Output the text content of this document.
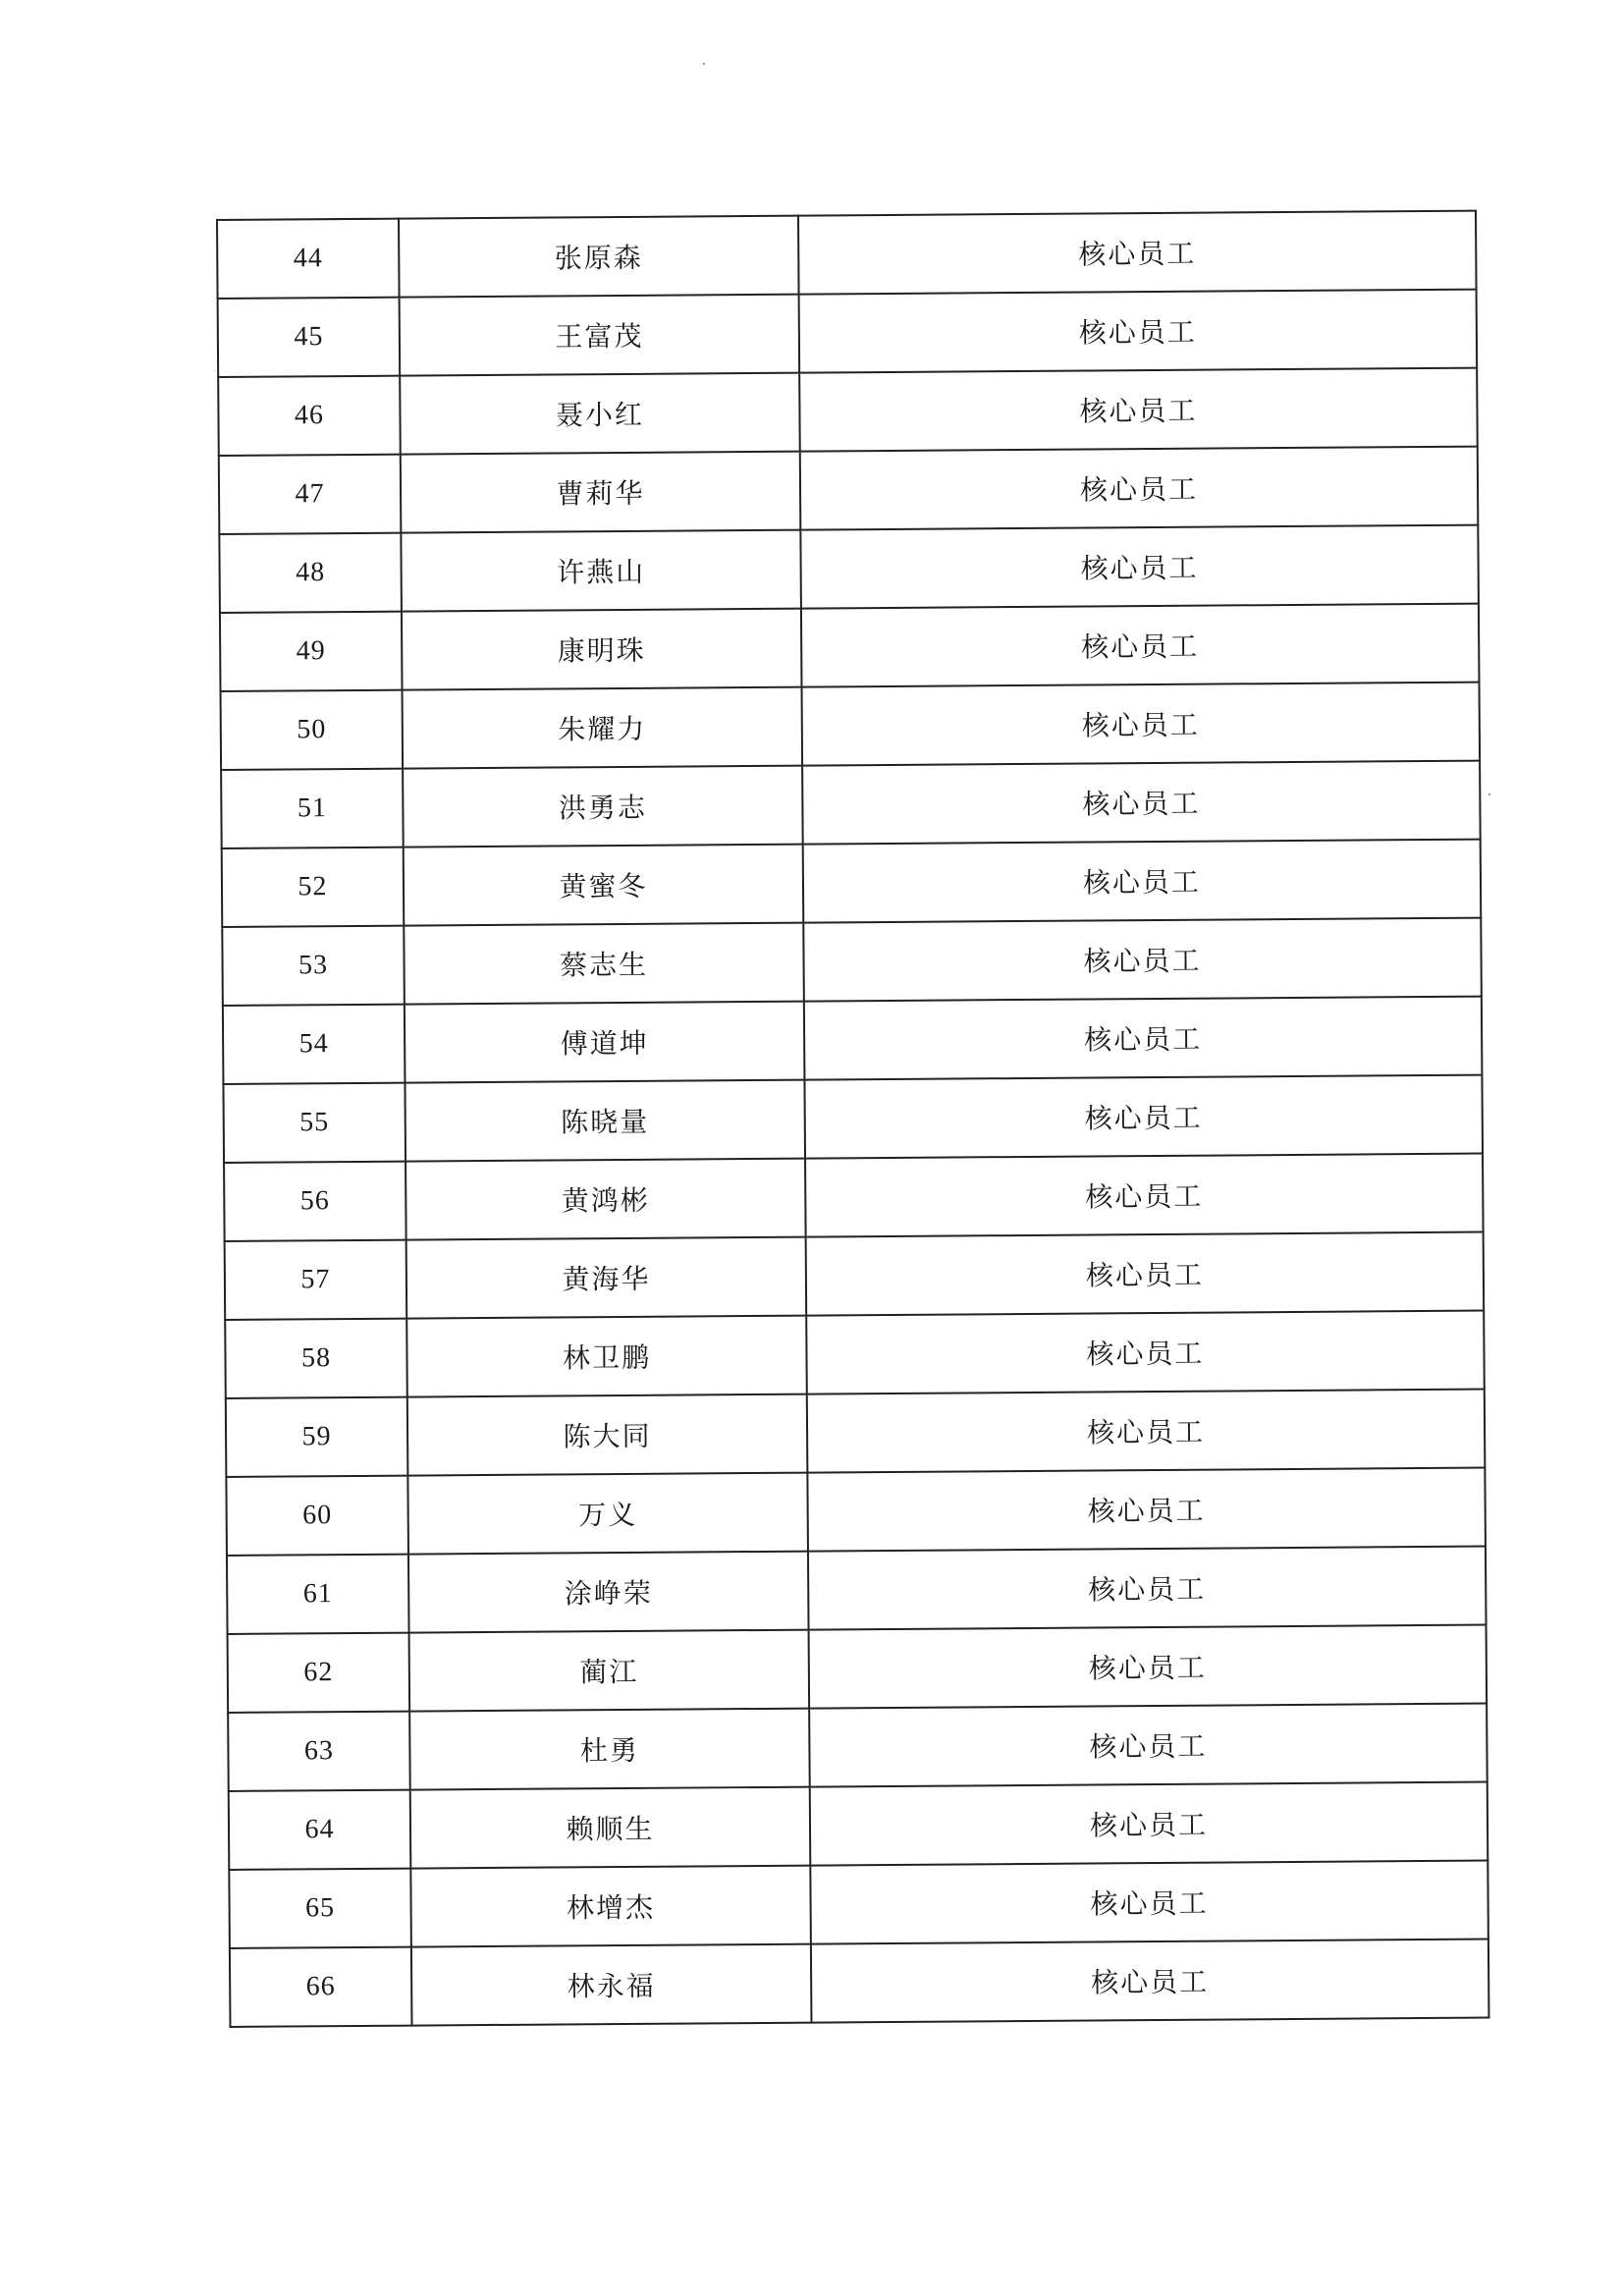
44	张原森	核心员工
45	王富茂	核心员工
46	聂小红	核心员工
47	曹莉华	核心员工
48	许燕山	核心员工
49	康明珠	核心员工
50	朱耀力	核心员工
51	洪勇志	核心员工
52	黄蜜冬	核心员工
53	蔡志生	核心员工
54	傅道坤	核心员工
55	陈晓量	核心员工
56	黄鸿彬	核心员工
57	黄海华	核心员工
58	林卫鹏	核心员工
59	陈大同	核心员工
60	万义	核心员工
61	涂峥荣	核心员工
62	蔺江	核心员工
63	杜勇	核心员工
64	赖顺生	核心员工
65	林增杰	核心员工
66	林永福	核心员工
